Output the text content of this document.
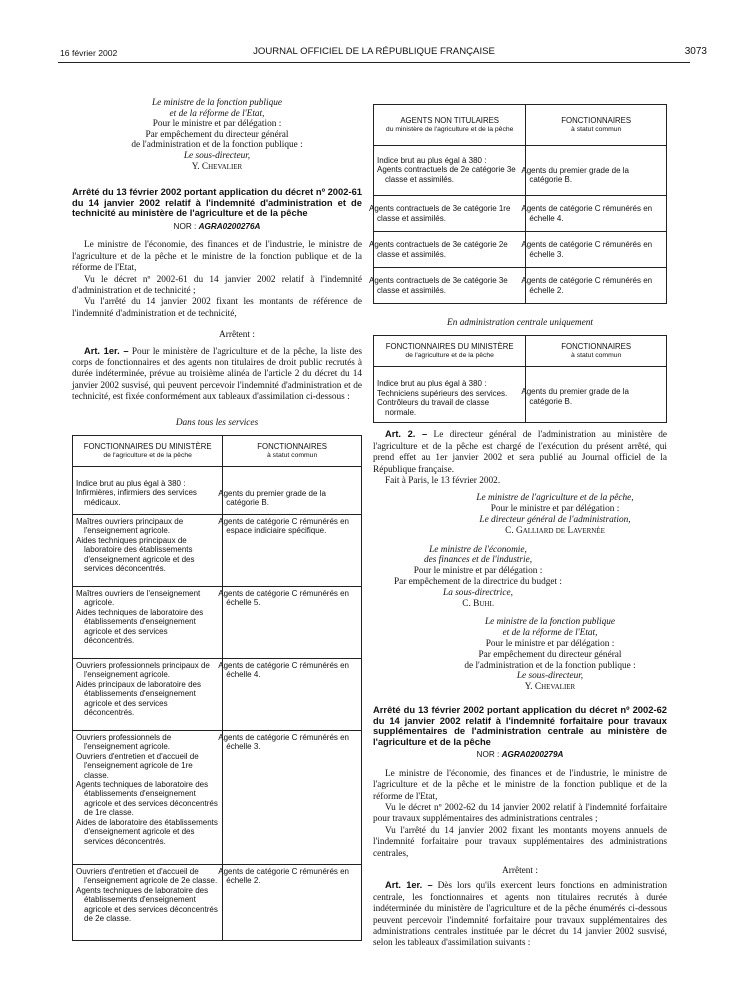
16 février 2002	JOURNAL OFFICIEL DE LA RÉPUBLIQUE FRANÇAISE	3073
Le ministre de la fonction publique
et de la réforme de l'Etat,
Pour le ministre et par délégation :
Par empêchement du directeur général
de l'administration et de la fonction publique :
Le sous-directeur,
Y. Chevalier
Arrêté du 13 février 2002 portant application du décret nº 2002-61 du 14 janvier 2002 relatif à l'indemnité d'administration et de technicité au ministère de l'agriculture et de la pêche
NOR : AGRA0200276A

Le ministre de l'économie, des finances et de l'industrie, le ministre de l'agriculture et de la pêche et le ministre de la fonction publique et de la réforme de l'Etat,

Vu le décret nº 2002-61 du 14 janvier 2002 relatif à l'indemnité d'administration et de technicité ;

Vu l'arrêté du 14 janvier 2002 fixant les montants de référence de l'indemnité d'administration et de technicité,

Arrêtent :

Art. 1er. – Pour le ministère de l'agriculture et de la pêche, la liste des corps de fonctionnaires et des agents non titulaires de droit public recrutés à durée indéterminée, prévue au troisième alinéa de l'article 2 du décret du 14 janvier 2002 susvisé, qui peuvent percevoir l'indemnité d'administration et de technicité, est fixée conformément aux tableaux d'assimilation ci-dessous :

Dans tous les services
FONCTIONNAIRES DU MINISTÈRE
de l'agriculture et de la pêche	FONCTIONNAIRES
à statut commun

Indice brut au plus égal à 380 :
Infirmières, infirmiers des services médicaux.	Agents du premier grade de la catégorie B.

Maîtres ouvriers principaux de l'enseignement agricole.
Aides techniques principaux de laboratoire des établissements d'enseignement agricole et des services déconcentrés.	Agents de catégorie C rémunérés en espace indiciaire spécifique.

Maîtres ouvriers de l'enseignement agricole.
Aides techniques de laboratoire des établissements d'enseignement agricole et des services déconcentrés.	Agents de catégorie C rémunérés en échelle 5.

Ouvriers professionnels principaux de l'enseignement agricole.
Aides principaux de laboratoire des établissements d'enseignement agricole et des services déconcentrés.	Agents de catégorie C rémunérés en échelle 4.

Ouvriers professionnels de l'enseignement agricole.
Ouvriers d'entretien et d'accueil de l'enseignement agricole de 1re classe.
Agents techniques de laboratoire des établissements d'enseignement agricole et des services déconcentrés de 1re classe.
Aides de laboratoire des établissements d'enseignement agricole et des services déconcentrés.	Agents de catégorie C rémunérés en échelle 3.

Ouvriers d'entretien et d'accueil de l'enseignement agricole de 2e classe.
Agents techniques de laboratoire des établissements d'enseignement agricole et des services déconcentrés de 2e classe.	Agents de catégorie C rémunérés en échelle 2.
AGENTS NON TITULAIRES
du ministère de l'agriculture et de la pêche	FONCTIONNAIRES
à statut commun

Indice brut au plus égal à 380 :
Agents contractuels de 2e catégorie 3e classe et assimilés.	Agents du premier grade de la catégorie B.
Agents contractuels de 3e catégorie 1re classe et assimilés.	Agents de catégorie C rémunérés en échelle 4.
Agents contractuels de 3e catégorie 2e classe et assimilés.	Agents de catégorie C rémunérés en échelle 3.
Agents contractuels de 3e catégorie 3e classe et assimilés.	Agents de catégorie C rémunérés en échelle 2.
En administration centrale uniquement
FONCTIONNAIRES DU MINISTÈRE
de l'agriculture et de la pêche	FONCTIONNAIRES
à statut commun

Indice brut au plus égal à 380 :
Techniciens supérieurs des services.
Contrôleurs du travail de classe normale.	Agents du premier grade de la catégorie B.

Art. 2. – Le directeur général de l'administration au ministère de l'agriculture et de la pêche est chargé de l'exécution du présent arrêté, qui prend effet au 1er janvier 2002 et sera publié au Journal officiel de la République française.

Fait à Paris, le 13 février 2002.

Le ministre de l'agriculture et de la pêche,
Pour le ministre et par délégation :
Le directeur général de l'administration,
C. Galliard de Lavernée
Le ministre de l'économie,
des finances et de l'industrie,
Pour le ministre et par délégation :
Par empêchement de la directrice du budget :
La sous-directrice,
C. Buhl
Le ministre de la fonction publique
et de la réforme de l'Etat,
Pour le ministre et par délégation :
Par empêchement du directeur général
de l'administration et de la fonction publique :
Le sous-directeur,
Y. Chevalier
Arrêté du 13 février 2002 portant application du décret nº 2002-62 du 14 janvier 2002 relatif à l'indemnité forfaitaire pour travaux supplémentaires de l'administration centrale au ministère de l'agriculture et de la pêche
NOR : AGRA0200279A

Le ministre de l'économie, des finances et de l'industrie, le ministre de l'agriculture et de la pêche et le ministre de la fonction publique et de la réforme de l'Etat,

Vu le décret nº 2002-62 du 14 janvier 2002 relatif à l'indemnité forfaitaire pour travaux supplémentaires des administrations centrales ;

Vu l'arrêté du 14 janvier 2002 fixant les montants moyens annuels de l'indemnité forfaitaire pour travaux supplémentaires des administrations centrales,

Arrêtent :

Art. 1er. – Dès lors qu'ils exercent leurs fonctions en administration centrale, les fonctionnaires et agents non titulaires recrutés à durée indéterminée du ministère de l'agriculture et de la pêche énumérés ci-dessous peuvent percevoir l'indemnité forfaitaire pour travaux supplémentaires des administrations centrales instituée par le décret du 14 janvier 2002 susvisé, selon les tableaux d'assimilation suivants :
